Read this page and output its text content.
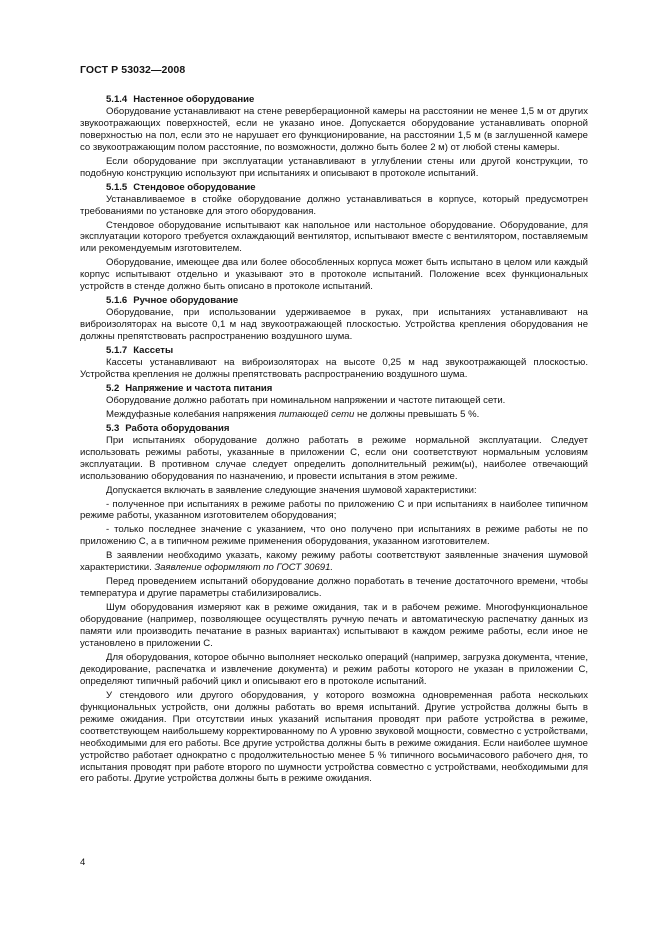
ГОСТ Р 53032—2008
5.1.4 Настенное оборудование

Оборудование устанавливают на стене реверберационной камеры на расстоянии не менее 1,5 м от других звукоотражающих поверхностей, если не указано иное. Допускается оборудование устанавливать опорной поверхностью на пол, если это не нарушает его функционирование, на расстоянии 1,5 м (в заглушенной камере со звукоотражающим полом расстояние, по возможности, должно быть более 2 м) от любой стены камеры.

Если оборудование при эксплуатации устанавливают в углублении стены или другой конструкции, то подобную конструкцию используют при испытаниях и описывают в протоколе испытаний.

5.1.5 Стендовое оборудование

Устанавливаемое в стойке оборудование должно устанавливаться в корпусе, который предусмотрен требованиями по установке для этого оборудования.

Стендовое оборудование испытывают как напольное или настольное оборудование. Оборудование, для эксплуатации которого требуется охлаждающий вентилятор, испытывают вместе с вентилятором, поставляемым или рекомендуемым изготовителем.

Оборудование, имеющее два или более обособленных корпуса может быть испытано в целом или каждый корпус испытывают отдельно и указывают это в протоколе испытаний. Положение всех функциональных устройств в стенде должно быть описано в протоколе испытаний.

5.1.6 Ручное оборудование

Оборудование, при использовании удерживаемое в руках, при испытаниях устанавливают на виброизоляторах на высоте 0,1 м над звукоотражающей плоскостью. Устройства крепления оборудования не должны препятствовать распространению воздушного шума.

5.1.7 Кассеты

Кассеты устанавливают на виброизоляторах на высоте 0,25 м над звукоотражающей плоскостью. Устройства крепления не должны препятствовать распространению воздушного шума.

5.2 Напряжение и частота питания

Оборудование должно работать при номинальном напряжении и частоте питающей сети.

Междуфазные колебания напряжения питающей сети не должны превышать 5 %.

5.3 Работа оборудования

При испытаниях оборудование должно работать в режиме нормальной эксплуатации. Следует использовать режимы работы, указанные в приложении С, если они соответствуют нормальным условиям эксплуатации. В противном случае следует определить дополнительный режим(ы), наиболее отвечающий использованию оборудования по назначению, и провести испытания в этом режиме.

Допускается включать в заявление следующие значения шумовой характеристики:

- полученное при испытаниях в режиме работы по приложению С и при испытаниях в наиболее типичном режиме работы, указанном изготовителем оборудования;

- только последнее значение с указанием, что оно получено при испытаниях в режиме работы не по приложению С, а в типичном режиме применения оборудования, указанном изготовителем.

В заявлении необходимо указать, какому режиму работы соответствуют заявленные значения шумовой характеристики. Заявление оформляют по ГОСТ 30691.

Перед проведением испытаний оборудование должно поработать в течение достаточного времени, чтобы температура и другие параметры стабилизировались.

Шум оборудования измеряют как в режиме ожидания, так и в рабочем режиме. Многофункциональное оборудование (например, позволяющее осуществлять ручную печать и автоматическую распечатку данных из памяти или производить печатание в разных вариантах) испытывают в каждом режиме работы, если иное не установлено в приложении С.

Для оборудования, которое обычно выполняет несколько операций (например, загрузка документа, чтение, декодирование, распечатка и извлечение документа) и режим работы которого не указан в приложении С, определяют типичный рабочий цикл и описывают его в протоколе испытаний.

У стендового или другого оборудования, у которого возможна одновременная работа нескольких функциональных устройств, они должны работать во время испытаний. Другие устройства должны быть в режиме ожидания. При отсутствии иных указаний испытания проводят при работе устройства в режиме, соответствующем наибольшему корректированному по А уровню звуковой мощности, совместно с устройствами, необходимыми для его работы. Все другие устройства должны быть в режиме ожидания. Если наиболее шумное устройство работает однократно с продолжительностью менее 5 % типичного восьмичасового рабочего дня, то испытания проводят при работе второго по шумности устройства совместно с устройствами, необходимыми для его работы. Другие устройства должны быть в режиме ожидания.

4
